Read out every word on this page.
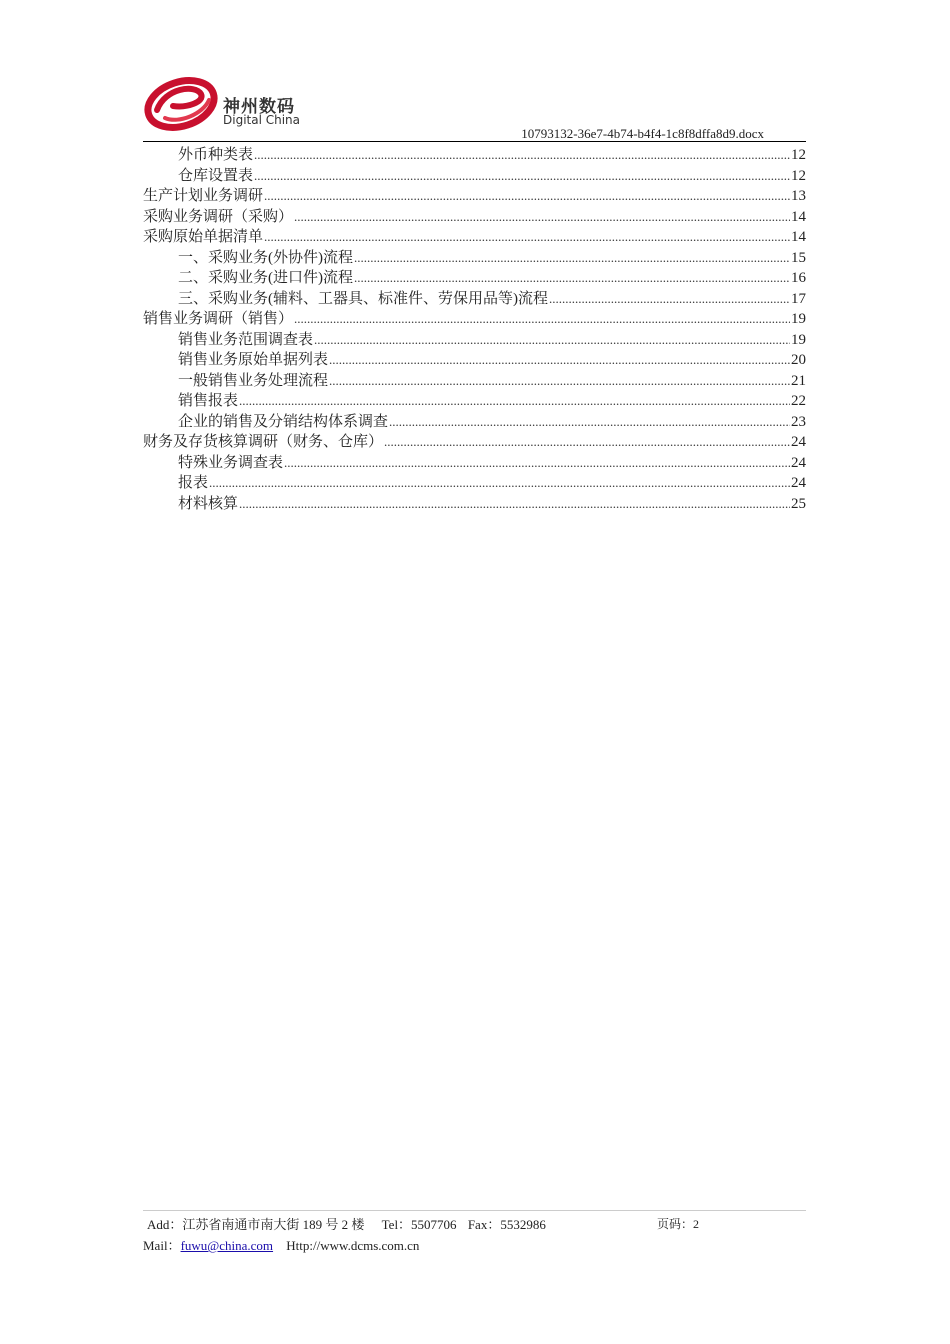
神州数码
Digital China
10793132-36e7-4b74-b4f4-1c8f8dffa8d9.docx
外币种类表 .....	12
仓库设置表 .....	12
生产计划业务调研 .....	13
采购业务调研（采购） .....	14
采购原始单据清单 .....	14
一、采购业务(外协件)流程 .....	15
二、采购业务(进口件)流程 .....	16
三、采购业务(辅料、工器具、标准件、劳保用品等)流程 .....	17
销售业务调研（销售） .....	19
销售业务范围调查表 .....	19
销售业务原始单据列表 .....	20
一般销售业务处理流程 .....	21
销售报表 .....	22
企业的销售及分销结构体系调查 .....	23
财务及存货核算调研（财务、仓库） .....	24
特殊业务调查表 .....	24
报表 .....	24
材料核算 .....	25
Add：江苏省南通市南大街 189 号 2 楼 Tel：5507706 Fax：5532986	页码：2
Mail：fuwu@china.com Http://www.dcms.com.cn
